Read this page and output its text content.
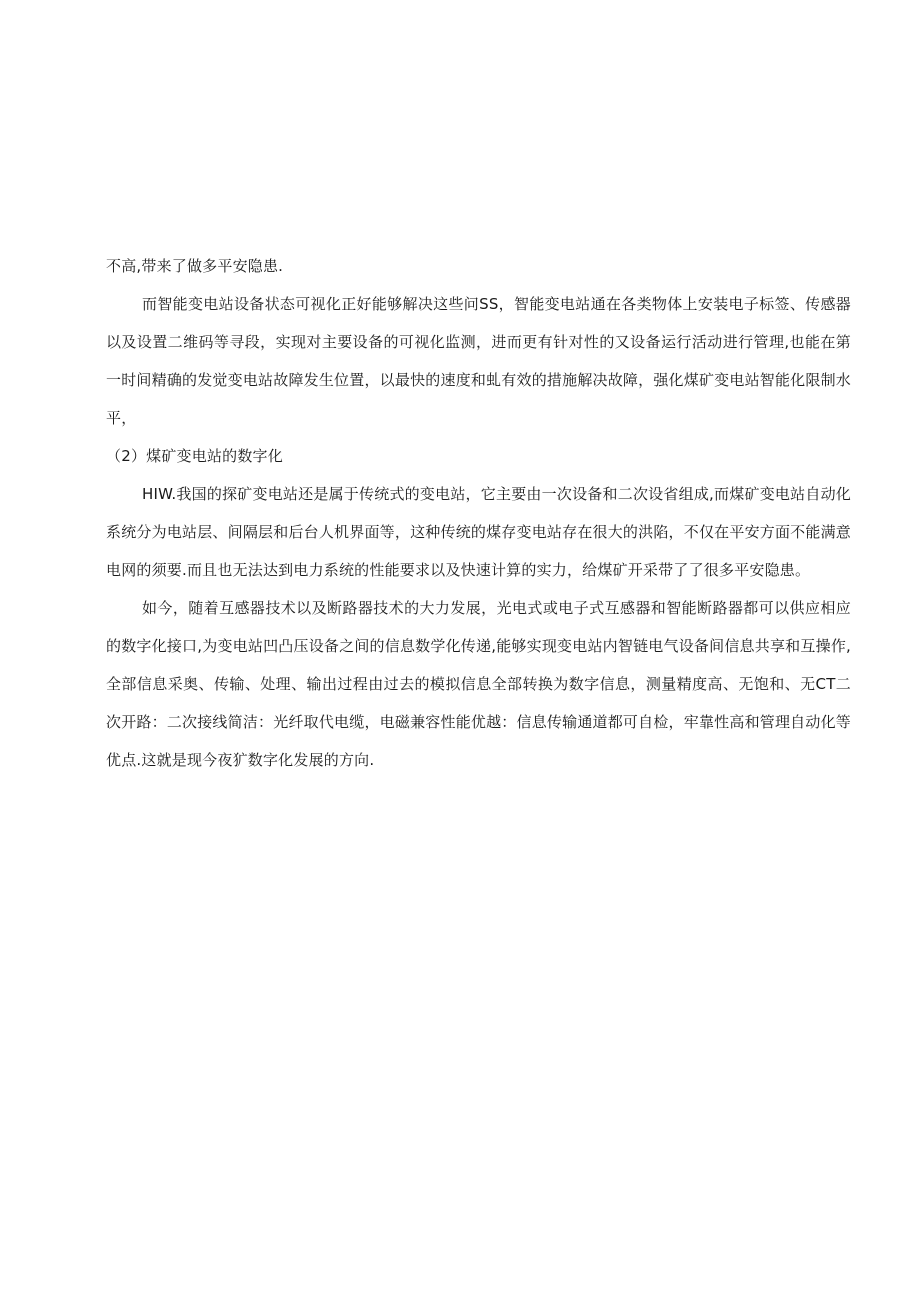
不高,带来了做多平安隐患.

而智能变电站设备状态可视化正好能够解决这些问SS，智能变电站通在各类物体上安装电子标签、传感器以及设置二维码等寻段，实现对主要设备的可视化监测，进而更有针对性的又设备运行活动进行管理,也能在第一时间精确的发觉变电站故障发生位置，以最快的速度和虬有效的措施解决故障，强化煤矿变电站智能化限制水平，

（2）煤矿变电站的数字化

HIW.我国的探矿变电站还是属于传统式的变电站，它主要由一次设备和二次设省组成,而煤矿变电站自动化系统分为电站层、间隔层和后台人机界面等，这种传统的煤存变电站存在很大的洪陷，不仅在平安方面不能满意电网的须要.而且也无法达到电力系统的性能要求以及快速计算的实力，给煤矿开采带了了很多平安隐患。

如今，随着互感器技术以及断路器技术的大力发展，光电式或电子式互感器和智能断路器都可以供应相应的数字化接口,为变电站凹凸压设备之间的信息数学化传递,能够实现变电站内智链电气设备间信息共享和互操作,全部信息采奥、传输、处理、输出过程由过去的模拟信息全部转换为数字信息，测量精度高、无饱和、无CT二次开路：二次接线简洁：光纤取代电缆，电磁兼容性能优越：信息传输通道都可自检，牢靠性高和管理自动化等优点.这就是现今夜犷数字化发展的方向.
